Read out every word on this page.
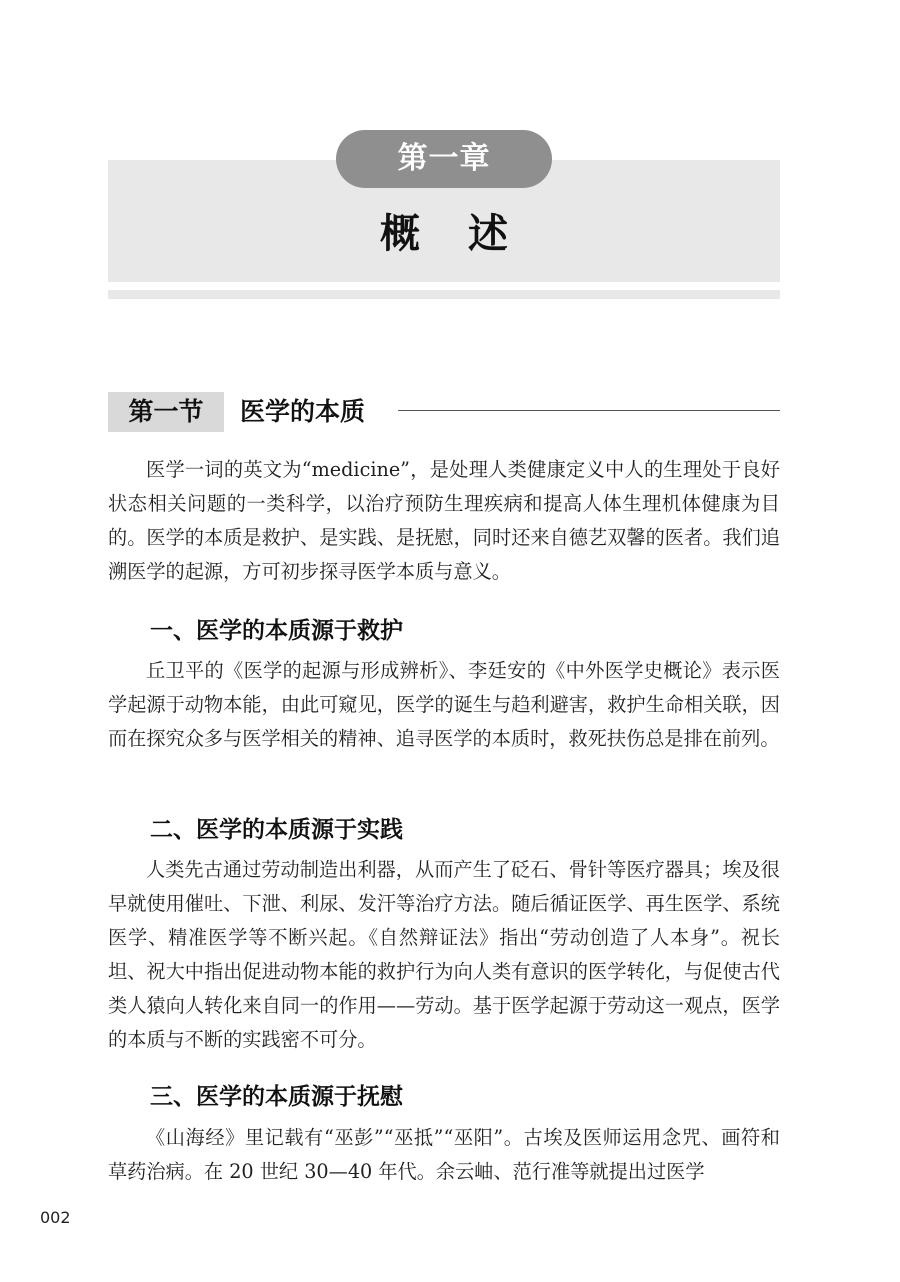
第一章
概述
第一节	医学的本质

医学一词的英文为“medicine”，是处理人类健康定义中人的生理处于良好状态相关问题的一类科学，以治疗预防生理疾病和提高人体生理机体健康为目的。医学的本质是救护、是实践、是抚慰，同时还来自德艺双馨的医者。我们追溯医学的起源，方可初步探寻医学本质与意义。

一、医学的本质源于救护

丘卫平的《医学的起源与形成辨析》、李廷安的《中外医学史概论》表示医学起源于动物本能，由此可窥见，医学的诞生与趋利避害，救护生命相关联，因而在探究众多与医学相关的精神、追寻医学的本质时，救死扶伤总是排在前列。

二、医学的本质源于实践

人类先古通过劳动制造出利器，从而产生了砭石、骨针等医疗器具；埃及很早就使用催吐、下泄、利尿、发汗等治疗方法。随后循证医学、再生医学、系统医学、精准医学等不断兴起。《自然辩证法》指出“劳动创造了人本身”。祝长坦、祝大中指出促进动物本能的救护行为向人类有意识的医学转化，与促使古代类人猿向人转化来自同一的作用——劳动。基于医学起源于劳动这一观点，医学的本质与不断的实践密不可分。

三、医学的本质源于抚慰

《山海经》里记载有“巫彭”“巫抵”“巫阳”。古埃及医师运用念咒、画符和草药治病。在 20 世纪 30—40 年代。余云岫、范行准等就提出过医学

002
